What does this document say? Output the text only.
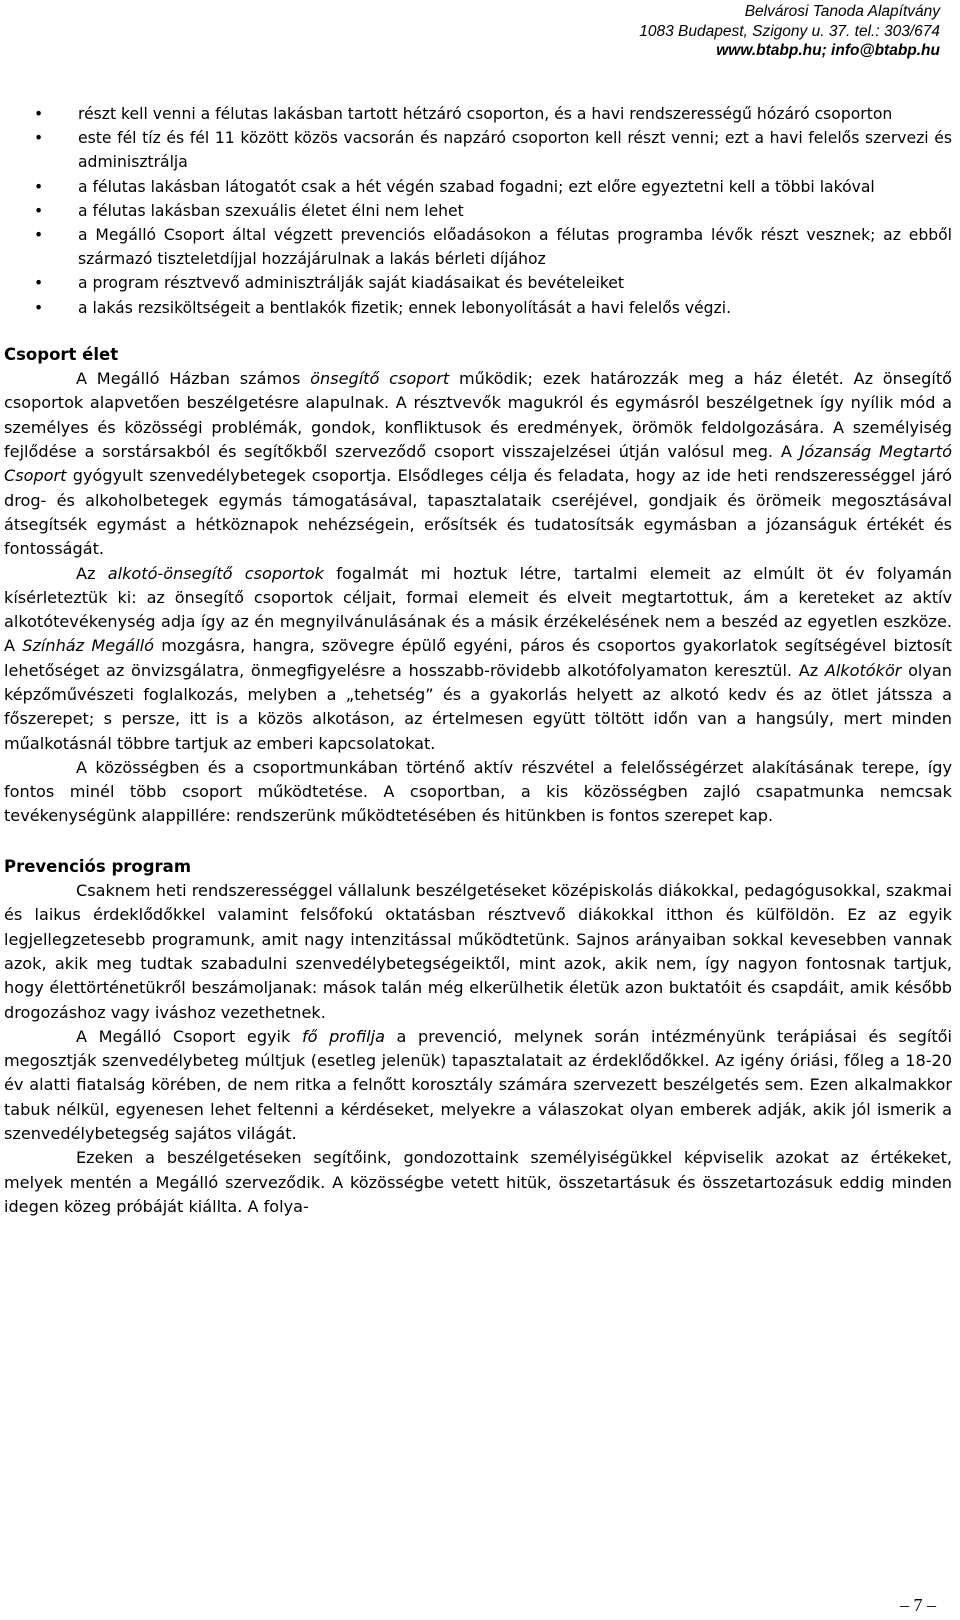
Belvárosi Tanoda Alapítvány
1083 Budapest, Szigony u. 37. tel.: 303/674
www.btabp.hu; info@btabp.hu
• részt kell venni a félutas lakásban tartott hétzáró csoporton, és a havi rendszerességű hózáró csoporton
• este fél tíz és fél 11 között közös vacsorán és napzáró csoporton kell részt venni; ezt a havi felelős szervezi és adminisztrálja
• a félutas lakásban látogatót csak a hét végén szabad fogadni; ezt előre egyeztetni kell a többi lakóval
• a félutas lakásban szexuális életet élni nem lehet
• a Megálló Csoport által végzett prevenciós előadásokon a félutas programba lévők részt vesznek; az ebből származó tiszteletdíjjal hozzájárulnak a lakás bérleti díjához
• a program résztvevő adminisztrálják saját kiadásaikat és bevételeiket
• a lakás rezsiköltségeit a bentlakók fizetik; ennek lebonyolítását a havi felelős végzi.
Csoport élet

A Megálló Házban számos önsegítő csoport működik; ezek határozzák meg a ház életét. Az önsegítő csoportok alapvetően beszélgetésre alapulnak. A résztvevők magukról és egymásról beszélgetnek így nyílik mód a személyes és közösségi problémák, gondok, konfliktusok és eredmények, örömök feldolgozására. A személyiség fejlődése a sorstársakból és segítőkből szerveződő csoport visszajelzései útján valósul meg. A Józanság Megtartó Csoport gyógyult szenvedélybetegek csoportja. Elsődleges célja és feladata, hogy az ide heti rendszerességgel járó drog- és alkoholbetegek egymás támogatásával, tapasztalataik cseréjével, gondjaik és örömeik megosztásával átsegítsék egymást a hétköznapok nehézségein, erősítsék és tudatosítsák egymásban a józanságuk értékét és fontosságát.

Az alkotó-önsegítő csoportok fogalmát mi hoztuk létre, tartalmi elemeit az elmúlt öt év folyamán kísérleteztük ki: az önsegítő csoportok céljait, formai elemeit és elveit megtartottuk, ám a kereteket az aktív alkotótevékenység adja így az én megnyilvánulásának és a másik érzékelésének nem a beszéd az egyetlen eszköze. A Színház Megálló mozgásra, hangra, szövegre épülő egyéni, páros és csoportos gyakorlatok segítségével biztosít lehetőséget az önvizsgálatra, önmegfigyelésre a hosszabb-rövidebb alkotófolyamaton keresztül. Az Alkotókör olyan képzőművészeti foglalkozás, melyben a „tehetség” és a gyakorlás helyett az alkotó kedv és az ötlet játssza a főszerepet; s persze, itt is a közös alkotáson, az értelmesen együtt töltött időn van a hangsúly, mert minden műalkotásnál többre tartjuk az emberi kapcsolatokat.

A közösségben és a csoportmunkában történő aktív részvétel a felelősségérzet alakításának terepe, így fontos minél több csoport működtetése. A csoportban, a kis közösségben zajló csapatmunka nemcsak tevékenységünk alappillére: rendszerünk működtetésében és hitünkben is fontos szerepet kap.

Prevenciós program

Csaknem heti rendszerességgel vállalunk beszélgetéseket középiskolás diákokkal, pedagógusokkal, szakmai és laikus érdeklődőkkel valamint felsőfokú oktatásban résztvevő diákokkal itthon és külföldön. Ez az egyik legjellegzetesebb programunk, amit nagy intenzitással működtetünk. Sajnos arányaiban sokkal kevesebben vannak azok, akik meg tudtak szabadulni szenvedélybetegségeiktől, mint azok, akik nem, így nagyon fontosnak tartjuk, hogy élettörténetükről beszámoljanak: mások talán még elkerülhetik életük azon buktatóit és csapdáit, amik később drogozáshoz vagy iváshoz vezethetnek.

A Megálló Csoport egyik fő profilja a prevenció, melynek során intézményünk terápiásai és segítői megosztják szenvedélybeteg múltjuk (esetleg jelenük) tapasztalatait az érdeklődőkkel. Az igény óriási, főleg a 18-20 év alatti fiatalság körében, de nem ritka a felnőtt korosztály számára szervezett beszélgetés sem. Ezen alkalmakkor tabuk nélkül, egyenesen lehet feltenni a kérdéseket, melyekre a válaszokat olyan emberek adják, akik jól ismerik a szenvedélybetegség sajátos világát.

Ezeken a beszélgetéseken segítőink, gondozottaink személyiségükkel képviselik azokat az értékeket, melyek mentén a Megálló szerveződik. A közösségbe vetett hitük, összetartásuk és összetartozásuk eddig minden idegen közeg próbáját kiállta. A folya-

– 7 –
